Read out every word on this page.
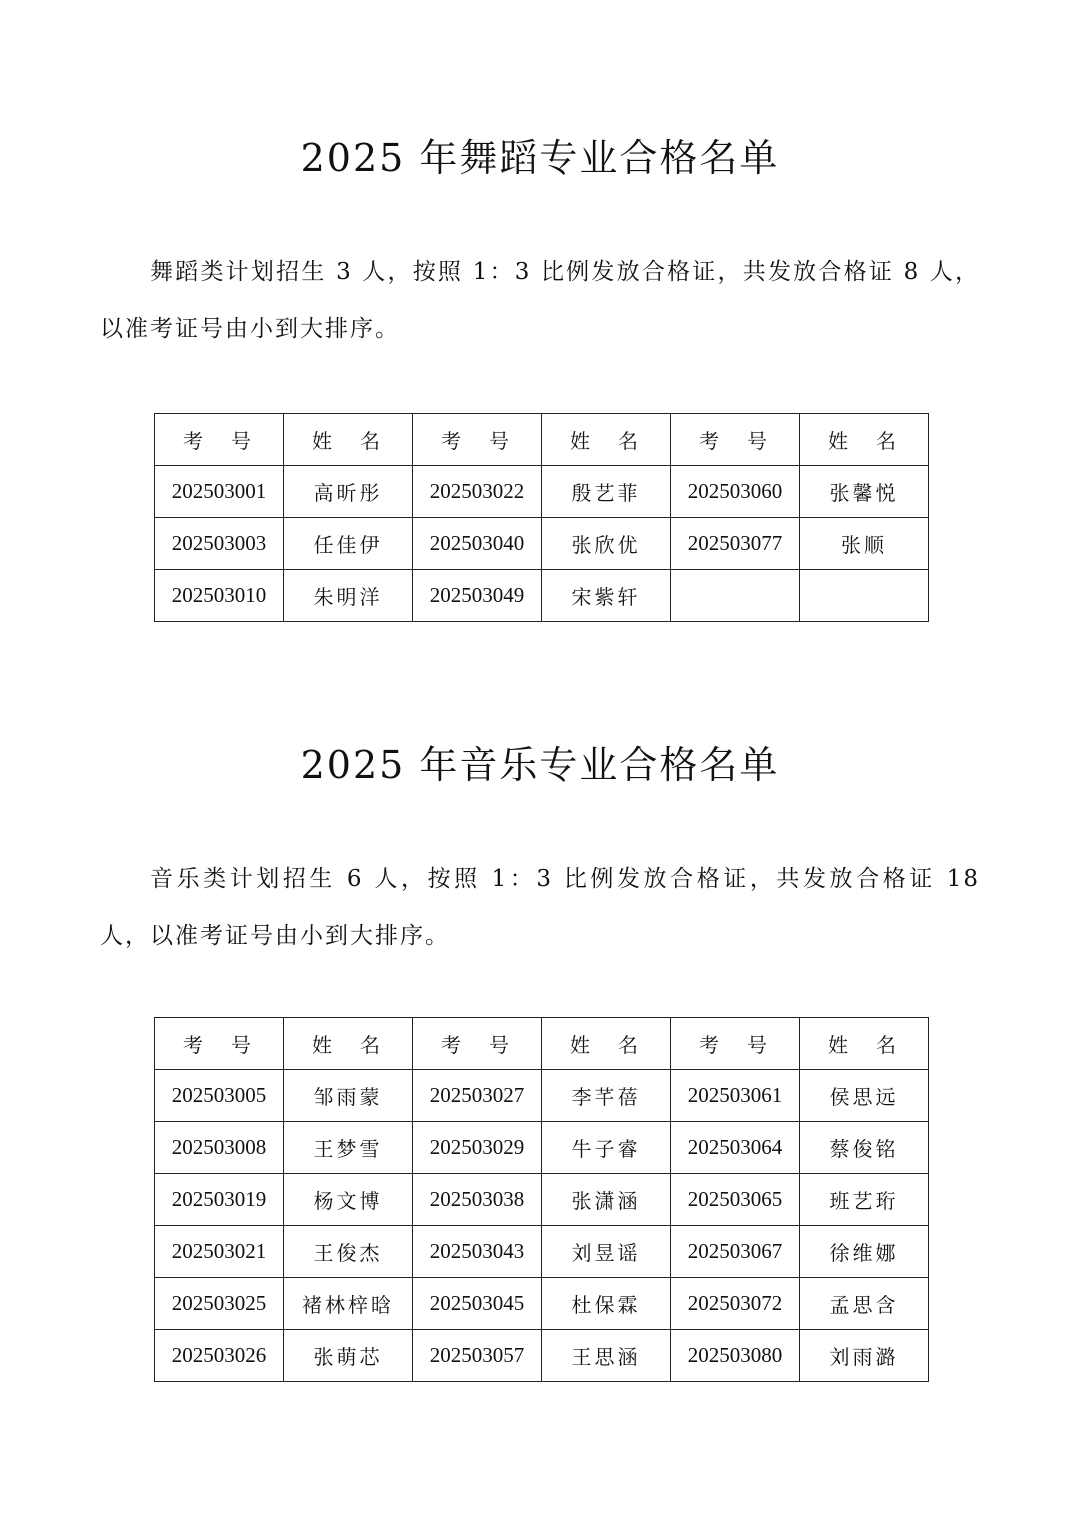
2025 年舞蹈专业合格名单

舞蹈类计划招生 3 人，按照 1：3 比例发放合格证，共发放合格证 8 人，以准考证号由小到大排序。

考　号	姓　名	考　号	姓　名	考　号	姓　名
202503001	高昕彤	202503022	殷艺菲	202503060	张馨悦
202503003	任佳伊	202503040	张欣优	202503077	张顺
202503010	朱明洋	202503049	宋紫轩		
2025 年音乐专业合格名单

音乐类计划招生 6 人，按照 1：3 比例发放合格证，共发放合格证 18 人，以准考证号由小到大排序。

考　号	姓　名	考　号	姓　名	考　号	姓　名
202503005	邹雨蒙	202503027	李芊蓓	202503061	侯思远
202503008	王梦雪	202503029	牛子睿	202503064	蔡俊铭
202503019	杨文博	202503038	张潇涵	202503065	班艺珩
202503021	王俊杰	202503043	刘昱谣	202503067	徐维娜
202503025	褚林梓晗	202503045	杜保霖	202503072	孟思含
202503026	张萌芯	202503057	王思涵	202503080	刘雨潞
